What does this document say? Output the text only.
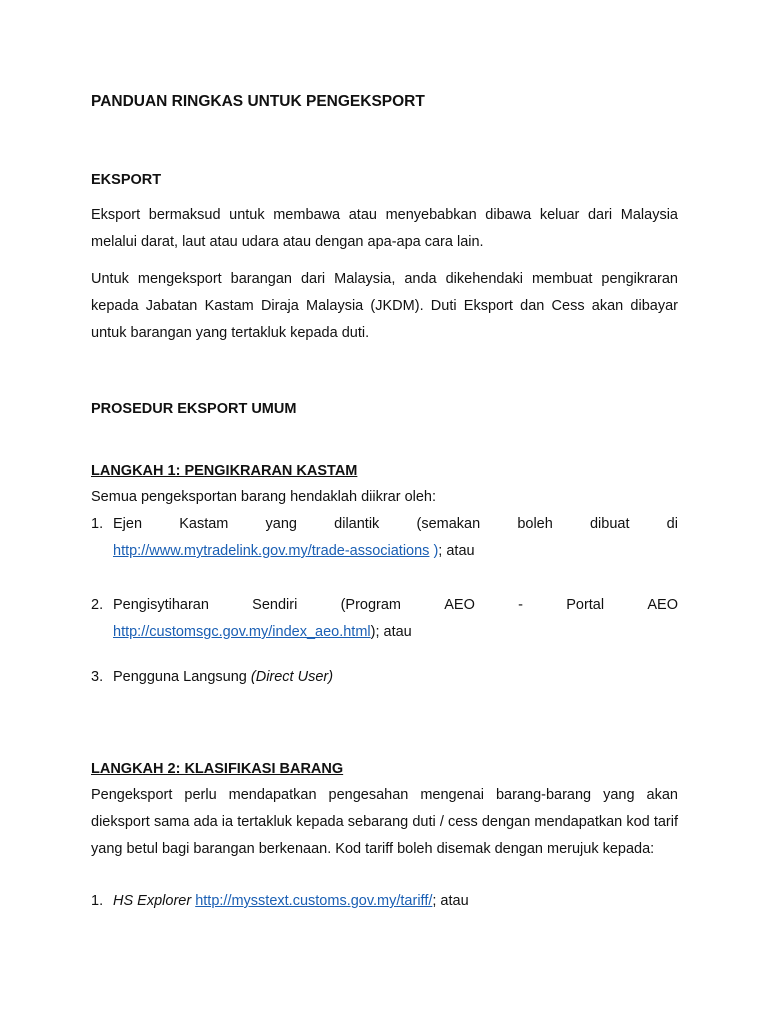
PANDUAN RINGKAS UNTUK PENGEKSPORT
EKSPORT

Eksport bermaksud untuk membawa atau menyebabkan dibawa keluar dari Malaysia melalui darat, laut atau udara atau dengan apa-apa cara lain.

Untuk mengeksport barangan dari Malaysia, anda dikehendaki membuat pengikraran kepada Jabatan Kastam Diraja Malaysia (JKDM). Duti Eksport dan Cess akan dibayar untuk barangan yang tertakluk kepada duti.

PROSEDUR EKSPORT UMUM
LANGKAH 1: PENGIKRARAN KASTAM

Semua pengeksportan barang hendaklah diikrar oleh:

1. Ejen	Kastam	yang	dilantik	(semakan	boleh	dibuat	di
http://www.mytradelink.gov.my/trade-associations ); atau
2. Pengisytiharan	Sendiri	(Program	AEO	-	Portal	AEO
http://customsgc.gov.my/index_aeo.html); atau
3. Pengguna Langsung (Direct User)
LANGKAH 2: KLASIFIKASI BARANG

Pengeksport perlu mendapatkan pengesahan mengenai barang-barang yang akan dieksport sama ada ia tertakluk kepada sebarang duti / cess dengan mendapatkan kod tarif yang betul bagi barangan berkenaan. Kod tariff boleh disemak dengan merujuk kepada:

1. HS Explorer http://mysstext.customs.gov.my/tariff/; atau
